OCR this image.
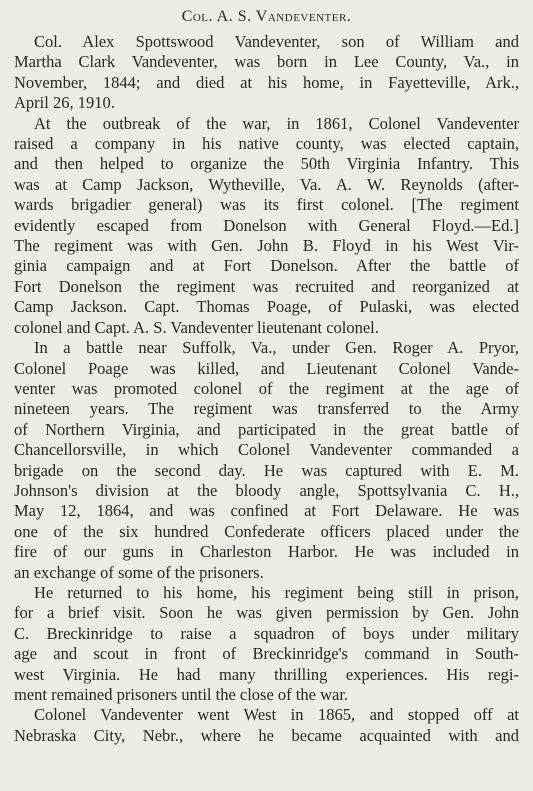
Col. A. S. Vandeventer.
Col. Alex Spottswood Vandeventer, son of William and
Martha Clark Vandeventer, was born in Lee County, Va., in
November, 1844; and died at his home, in Fayetteville, Ark.,
April 26, 1910.
At the outbreak of the war, in 1861, Colonel Vandeventer
raised a company in his native county, was elected captain,
and then helped to organize the 50th Virginia Infantry. This
was at Camp Jackson, Wytheville, Va. A. W. Reynolds (after-
wards brigadier general) was its first colonel. [The regiment
evidently escaped from Donelson with General Floyd.—Ed.]
The regiment was with Gen. John B. Floyd in his West Vir-
ginia campaign and at Fort Donelson. After the battle of
Fort Donelson the regiment was recruited and reorganized at
Camp Jackson. Capt. Thomas Poage, of Pulaski, was elected
colonel and Capt. A. S. Vandeventer lieutenant colonel.
In a battle near Suffolk, Va., under Gen. Roger A. Pryor,
Colonel Poage was killed, and Lieutenant Colonel Vande-
venter was promoted colonel of the regiment at the age of
nineteen years. The regiment was transferred to the Army
of Northern Virginia, and participated in the great battle of
Chancellorsville, in which Colonel Vandeventer commanded a
brigade on the second day. He was captured with E. M.
Johnson's division at the bloody angle, Spottsylvania C. H.,
May 12, 1864, and was confined at Fort Delaware. He was
one of the six hundred Confederate officers placed under the
fire of our guns in Charleston Harbor. He was included in
an exchange of some of the prisoners.
He returned to his home, his regiment being still in prison,
for a brief visit. Soon he was given permission by Gen. John
C. Breckinridge to raise a squadron of boys under military
age and scout in front of Breckinridge's command in South-
west Virginia. He had many thrilling experiences. His regi-
ment remained prisoners until the close of the war.
Colonel Vandeventer went West in 1865, and stopped off at
Nebraska City, Nebr., where he became acquainted with and
